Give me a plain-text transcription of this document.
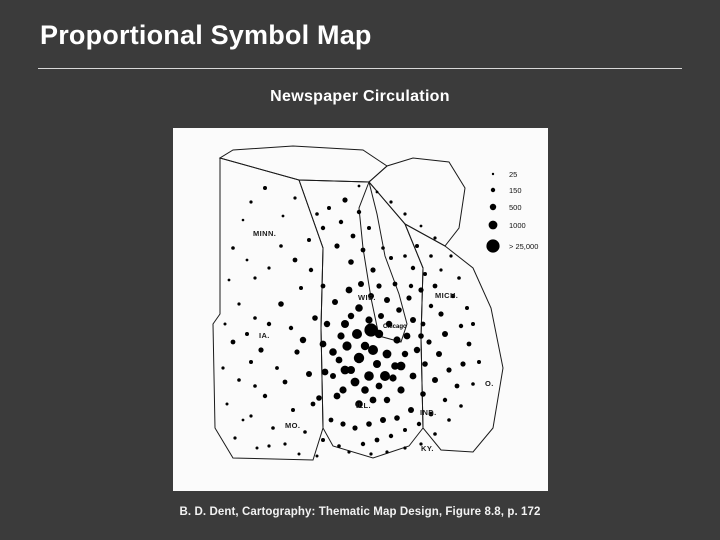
Proportional Symbol Map
Newspaper Circulation
25
150
500
1000
> 25,000
MINN.
WIS.	MICH.
IA.
MO.
ILL.
IND.
O.
KY.
Chicago
B. D. Dent, Cartography: Thematic Map Design, Figure 8.8, p. 172
